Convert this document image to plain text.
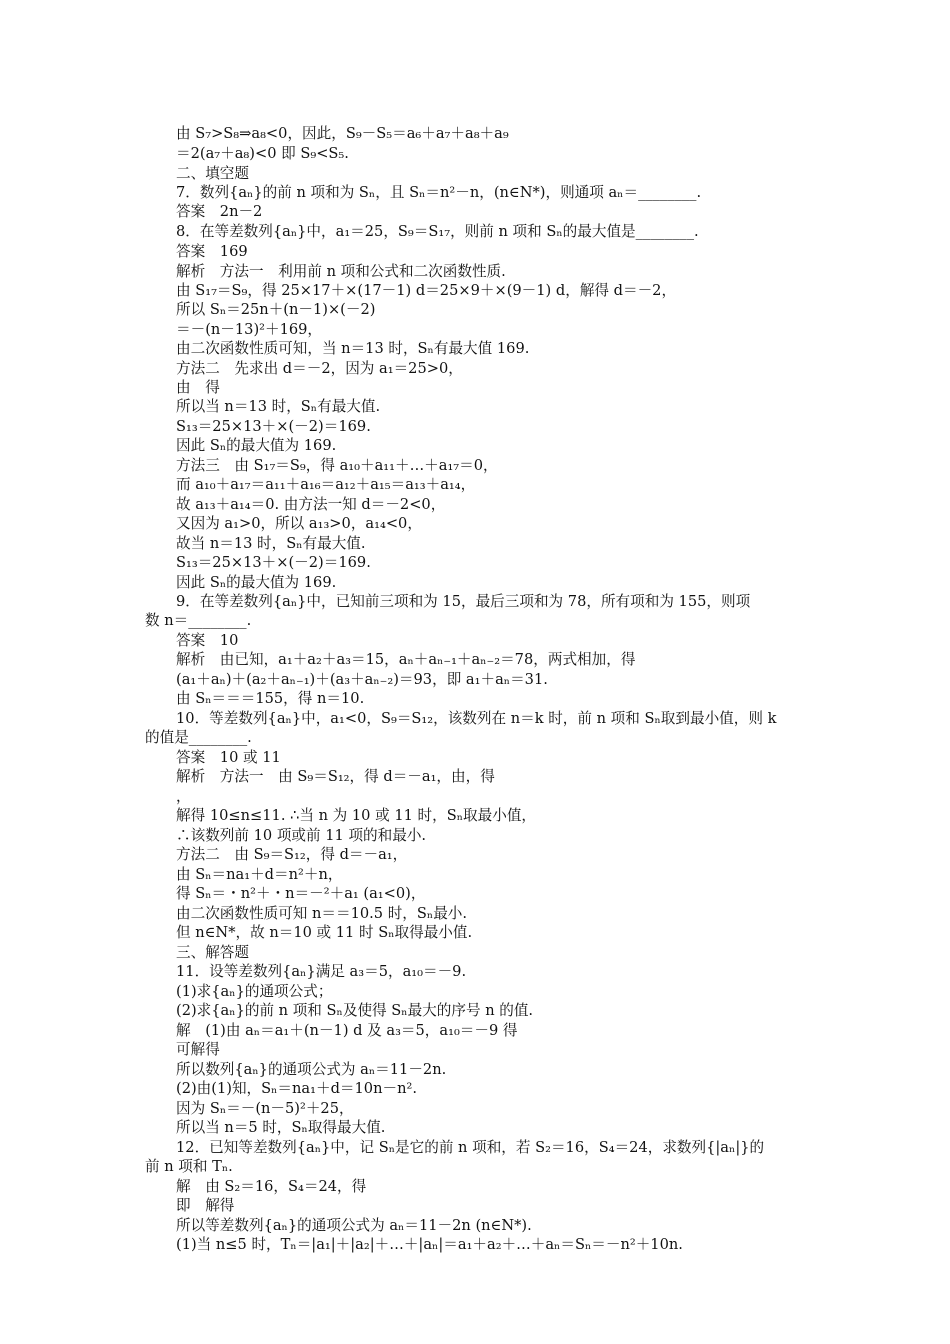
由 S₇>S₈⇒a₈<0，因此，S₉－S₅＝a₆＋a₇＋a₈＋a₉
＝2(a₇＋a₈)<0 即 S₉<S₅.
二、填空题
7．数列{aₙ}的前 n 项和为 Sₙ，且 Sₙ＝n²－n，(n∈N*)，则通项 aₙ＝________.
答案　2n－2
8．在等差数列{aₙ}中，a₁＝25，S₉＝S₁₇，则前 n 项和 Sₙ的最大值是________.
答案　169
解析　方法一　利用前 n 项和公式和二次函数性质.
由 S₁₇＝S₉，得 25×17＋×(17－1) d＝25×9＋×(9－1) d，解得 d＝－2，
所以 Sₙ＝25n＋(n－1)×(－2)
＝－(n－13)²＋169，
由二次函数性质可知，当 n＝13 时，Sₙ有最大值 169.
方法二　先求出 d＝－2，因为 a₁＝25>0，
由　得
所以当 n＝13 时，Sₙ有最大值.
S₁₃＝25×13＋×(－2)＝169.
因此 Sₙ的最大值为 169.
方法三　由 S₁₇＝S₉，得 a₁₀＋a₁₁＋…＋a₁₇＝0，
而 a₁₀＋a₁₇＝a₁₁＋a₁₆＝a₁₂＋a₁₅＝a₁₃＋a₁₄，
故 a₁₃＋a₁₄＝0. 由方法一知 d＝－2<0，
又因为 a₁>0，所以 a₁₃>0，a₁₄<0，
故当 n＝13 时，Sₙ有最大值.
S₁₃＝25×13＋×(－2)＝169.
因此 Sₙ的最大值为 169.
9．在等差数列{aₙ}中，已知前三项和为 15，最后三项和为 78，所有项和为 155，则项
数 n＝________.
答案　10
解析　由已知，a₁＋a₂＋a₃＝15，aₙ＋aₙ₋₁＋aₙ₋₂＝78，两式相加，得
(a₁＋aₙ)＋(a₂＋aₙ₋₁)＋(a₃＋aₙ₋₂)＝93，即 a₁＋aₙ＝31.
由 Sₙ＝＝＝155，得 n＝10.
10．等差数列{aₙ}中，a₁<0，S₉＝S₁₂，该数列在 n＝k 时，前 n 项和 Sₙ取到最小值，则 k
的值是________.
答案　10 或 11
解析　方法一　由 S₉＝S₁₂，得 d＝－a₁，由，得
，
解得 10≤n≤11. ∴当 n 为 10 或 11 时，Sₙ取最小值，
∴该数列前 10 项或前 11 项的和最小.
方法二　由 S₉＝S₁₂，得 d＝－a₁，
由 Sₙ＝na₁＋d＝n²＋n，
得 Sₙ＝・n²＋・n＝－²＋a₁ (a₁<0)，
由二次函数性质可知 n＝＝10.5 时，Sₙ最小.
但 n∈N*，故 n＝10 或 11 时 Sₙ取得最小值.
三、解答题
11．设等差数列{aₙ}满足 a₃＝5，a₁₀＝－9.
(1)求{aₙ}的通项公式；
(2)求{aₙ}的前 n 项和 Sₙ及使得 Sₙ最大的序号 n 的值.
解　(1)由 aₙ＝a₁＋(n－1) d 及 a₃＝5，a₁₀＝－9 得
可解得
所以数列{aₙ}的通项公式为 aₙ＝11－2n.
(2)由(1)知，Sₙ＝na₁＋d＝10n－n².
因为 Sₙ＝－(n－5)²＋25，
所以当 n＝5 时，Sₙ取得最大值.
12．已知等差数列{aₙ}中，记 Sₙ是它的前 n 项和，若 S₂＝16，S₄＝24，求数列{|aₙ|}的
前 n 项和 Tₙ.
解　由 S₂＝16，S₄＝24，得
即　解得
所以等差数列{aₙ}的通项公式为 aₙ＝11－2n (n∈N*).
(1)当 n≤5 时，Tₙ＝|a₁|＋|a₂|＋…＋|aₙ|＝a₁＋a₂＋…＋aₙ＝Sₙ＝－n²＋10n.
